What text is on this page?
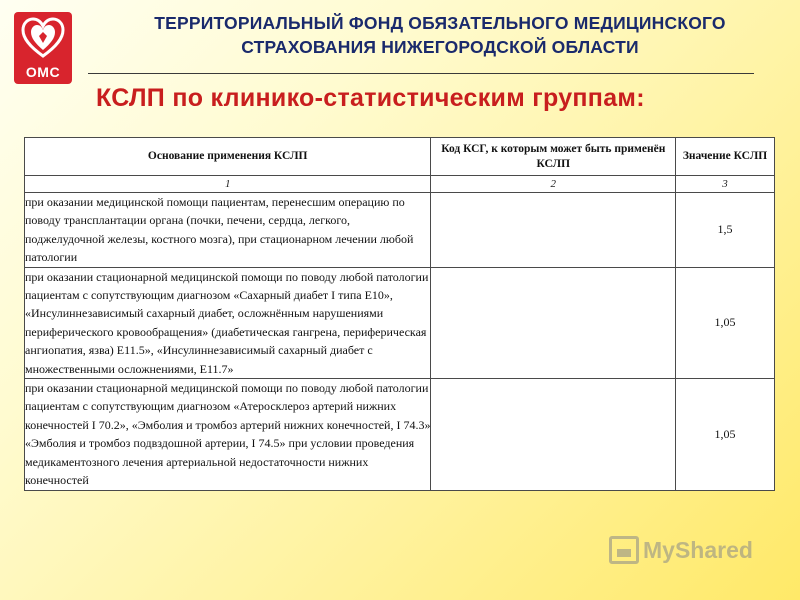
ОМС
ТЕРРИТОРИАЛЬНЫЙ ФОНД ОБЯЗАТЕЛЬНОГО МЕДИЦИНСКОГО
СТРАХОВАНИЯ НИЖЕГОРОДСКОЙ ОБЛАСТИ
КСЛП по клинико-статистическим группам:
Основание применения КСЛП	Код КСГ, к которым может быть применён КСЛП	Значение КСЛП
1	2	3
при оказании медицинской помощи пациентам, перенесшим операцию по поводу трансплантации органа (почки, печени, сердца, легкого, поджелудочной железы, костного мозга), при стационарном лечении любой патологии		1,5
при оказании стационарной медицинской помощи по поводу любой патологии пациентам с сопутствующим диагнозом «Сахарный диабет I типа Е10», «Инсулиннезависимый сахарный диабет, осложнённым нарушениями периферического кровообращения» (диабетическая гангрена, периферическая ангиопатия, язва) Е11.5», «Инсулиннезависимый сахарный диабет с множественными осложнениями, Е11.7»		1,05
при оказании стационарной медицинской помощи по поводу любой патологии пациентам с сопутствующим диагнозом «Атеросклероз артерий нижних конечностей I 70.2», «Эмболия и тромбоз артерий нижних конечностей, I 74.3» «Эмболия и тромбоз подвздошной артерии, I 74.5» при условии проведения медикаментозного лечения артериальной недостаточности нижних конечностей		1,05
MyShared
